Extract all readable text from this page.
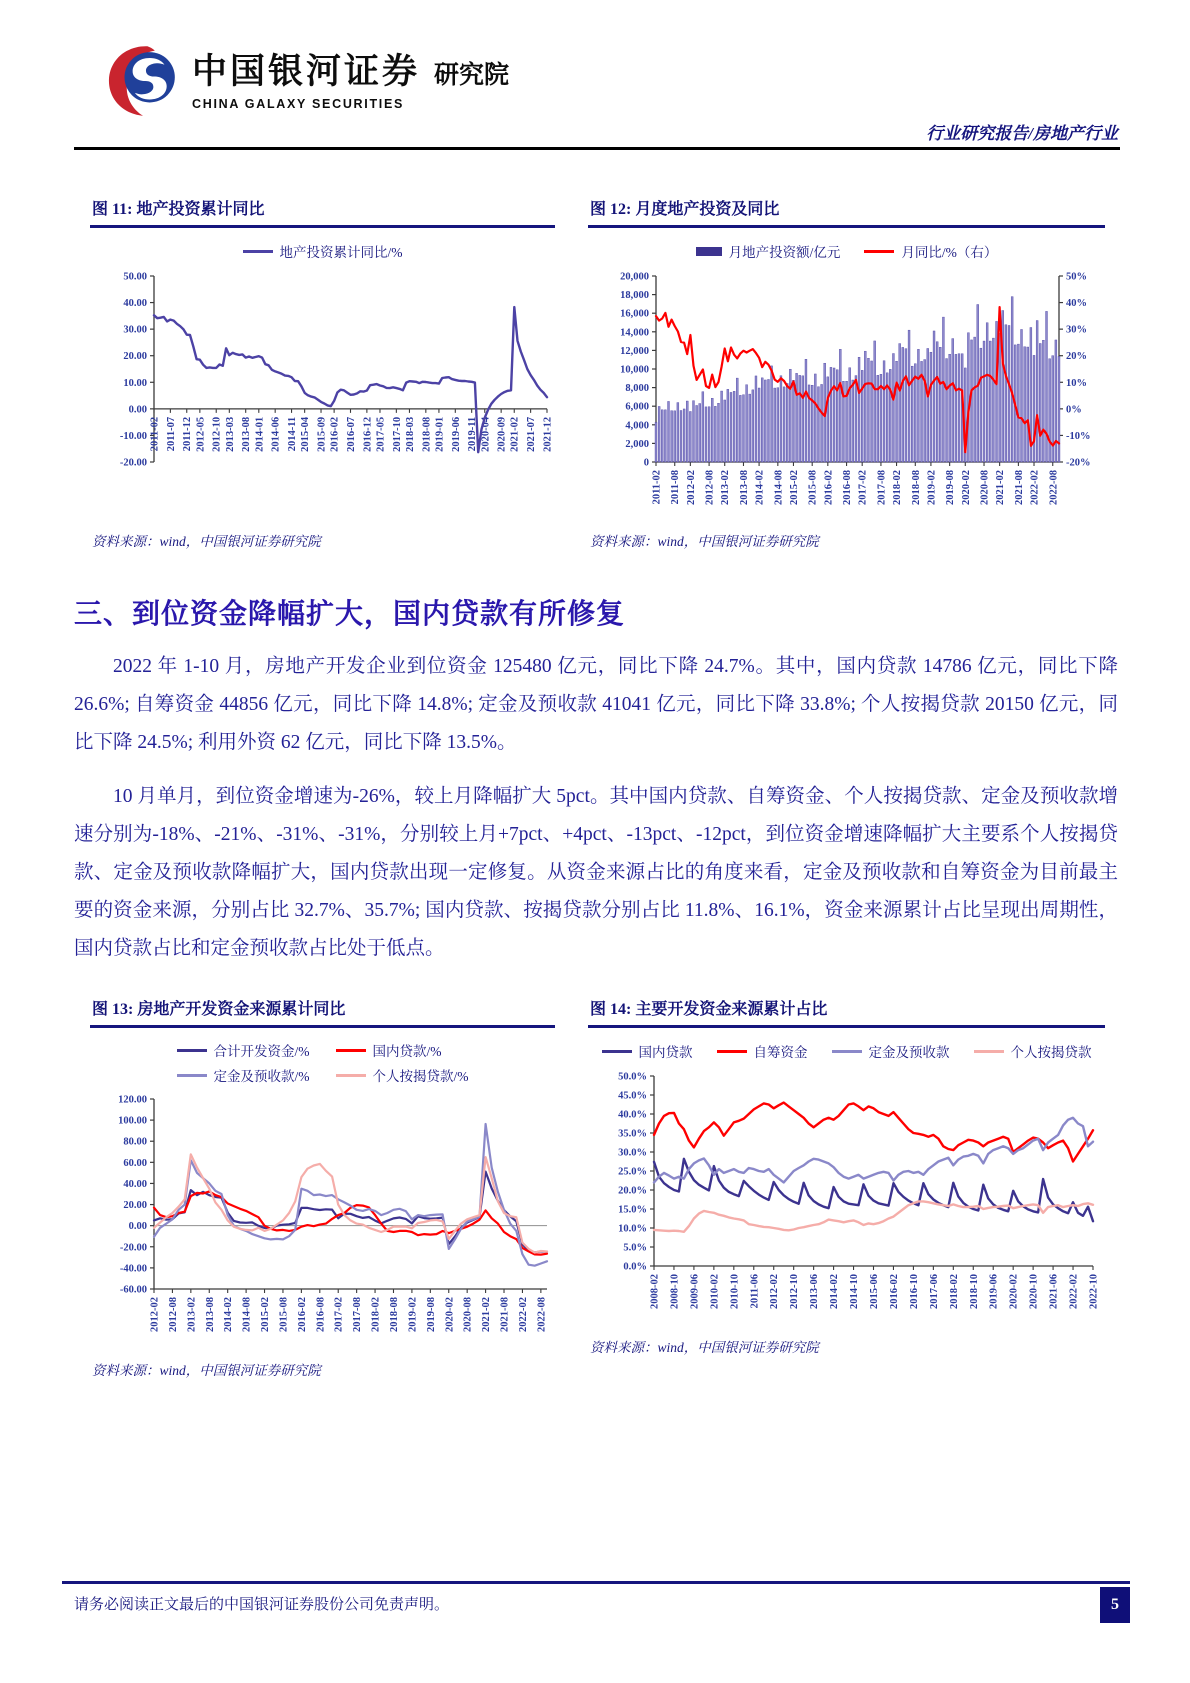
中国银河证券 研究院
CHINA GALAXY SECURITIES
行业研究报告/房地产行业
图 11: 地产投资累计同比
地产投资累计同比/%
50.00
40.00
30.00
20.00
10.00
0.00
-10.00
-20.00
2011-02 2011-07 2011-12 2012-05 2012-10 2013-03 2013-08 2014-01 2014-06 2014-11 2015-04 2015-09 2016-02 2016-07 2016-12 2017-05 2017-10 2018-03 2018-08 2019-01 2019-06 2019-11 2020-04 2020-09 2021-02 2021-07 2021-12
资料来源：wind，中国银河证券研究院
图 12: 月度地产投资及同比
月地产投资额/亿元	月同比/%（右）
20,000
18,000
16,000
14,000
12,000
10,000
8,000
6,000
4,000
2,000
0
50%
40%
30%
20%
10%
0%
-10%
-20%
2011-02 2011-08 2012-02 2012-08 2013-02 2013-08 2014-02 2014-08 2015-02 2015-08 2016-02 2016-08 2017-02 2017-08 2018-02 2018-08 2019-02 2019-08 2020-02 2020-08 2021-02 2021-08 2022-02 2022-08
资料来源：wind，中国银河证券研究院
三、到位资金降幅扩大，国内贷款有所修复

2022 年 1-10 月，房地产开发企业到位资金 125480 亿元，同比下降 24.7%。其中，国内贷款 14786 亿元，同比下降 26.6%; 自筹资金 44856 亿元，同比下降 14.8%; 定金及预收款 41041 亿元，同比下降 33.8%; 个人按揭贷款 20150 亿元，同比下降 24.5%; 利用外资 62 亿元，同比下降 13.5%。

10 月单月，到位资金增速为-26%，较上月降幅扩大 5pct。其中国内贷款、自筹资金、个人按揭贷款、定金及预收款增速分别为-18%、-21%、-31%、-31%，分别较上月+7pct、+4pct、-13pct、-12pct，到位资金增速降幅扩大主要系个人按揭贷款、定金及预收款降幅扩大，国内贷款出现一定修复。从资金来源占比的角度来看，定金及预收款和自筹资金为目前最主要的资金来源，分别占比 32.7%、35.7%; 国内贷款、按揭贷款分别占比 11.8%、16.1%，资金来源累计占比呈现出周期性，国内贷款占比和定金预收款占比处于低点。

图 13: 房地产开发资金来源累计同比
合计开发资金/%	国内贷款/%
定金及预收款/%	个人按揭贷款/%
120.00
100.00
80.00
60.00
40.00
20.00
0.00
-20.00
-40.00
-60.00
2012-02 2012-08 2013-02 2013-08 2014-02 2014-08 2015-02 2015-08 2016-02 2016-08 2017-02 2017-08 2018-02 2018-08 2019-02 2019-08 2020-02 2020-08 2021-02 2021-08 2022-02 2022-08
资料来源：wind，中国银河证券研究院
图 14: 主要开发资金来源累计占比
国内贷款	自筹资金	定金及预收款	个人按揭贷款
50.0%
45.0%
40.0%
35.0%
30.0%
25.0%
20.0%
15.0%
10.0%
5.0%
0.0%
2008-02 2008-10 2009-06 2010-02 2010-10 2011-06 2012-02 2012-10 2013-06 2014-02 2014-10 2015-06 2016-02 2016-10 2017-06 2018-02 2018-10 2019-06 2020-02 2020-10 2021-06 2022-02 2022-10
资料来源：wind，中国银河证券研究院
请务必阅读正文最后的中国银河证券股份公司免责声明。	5
